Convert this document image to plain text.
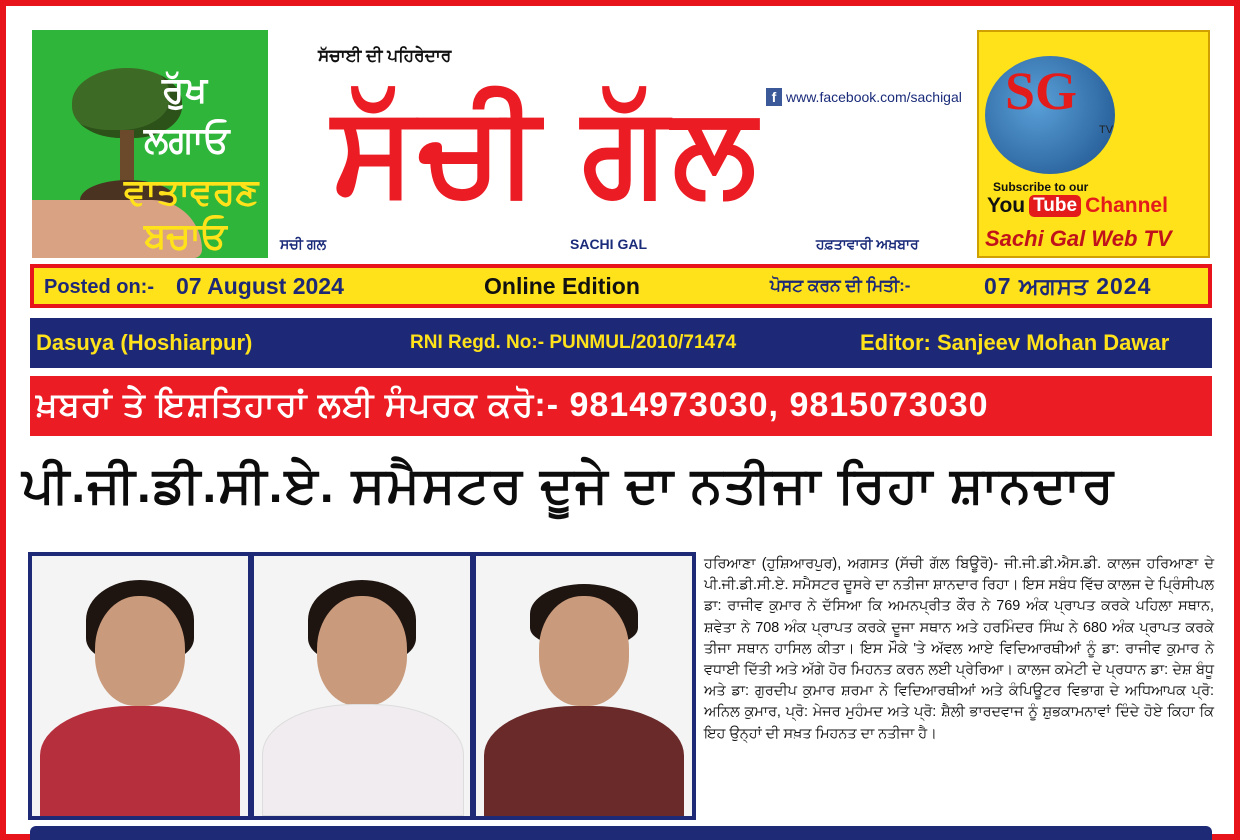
ਰੁੱਖ
ਲਗਾਓ
ਵਾਤਾਵਰਣ
ਬਚਾਓ
ਸੱਚਾਈ ਦੀ ਪਹਿਰੇਦਾਰ
ਸੱਚੀ ਗੱਲ f www.facebook.com/sachigal
ਸਚੀ ਗਲ	SACHI GAL	ਹਫ਼ਤਾਵਾਰੀ ਅਖ਼ਬਾਰ
SG
TV
Subscribe to our
You Tube Channel
Sachi Gal Web TV
Posted on:- 07 August 2024	Online Edition	ਪੋਸਟ ਕਰਨ ਦੀ ਮਿਤੀ:-	07 ਅਗਸਤ 2024
Dasuya (Hoshiarpur)	RNI Regd. No:- PUNMUL/2010/71474	Editor: Sanjeev Mohan Dawar
ਖ਼ਬਰਾਂ ਤੇ ਇਸ਼ਤਿਹਾਰਾਂ ਲਈ ਸੰਪਰਕ ਕਰੋ:- 9814973030, 9815073030
ਪੀ.ਜੀ.ਡੀ.ਸੀ.ਏ. ਸਮੈਸਟਰ ਦੂਜੇ ਦਾ ਨਤੀਜਾ ਰਿਹਾ ਸ਼ਾਨਦਾਰ
ਹਰਿਆਣਾ (ਹੁਸ਼ਿਆਰਪੁਰ), ਅਗਸਤ (ਸੱਚੀ ਗੱਲ ਬਿਊਰੋ)- ਜੀ.ਜੀ.ਡੀ.ਐਸ.ਡੀ. ਕਾਲਜ ਹਰਿਆਣਾ ਦੇ ਪੀ.ਜੀ.ਡੀ.ਸੀ.ਏ. ਸਮੈਸਟਰ ਦੂਸਰੇ ਦਾ ਨਤੀਜਾ ਸ਼ਾਨਦਾਰ ਰਿਹਾ। ਇਸ ਸਬੰਧ ਵਿੱਚ ਕਾਲਜ ਦੇ ਪ੍ਰਿੰਸੀਪਲ ਡਾ: ਰਾਜੀਵ ਕੁਮਾਰ ਨੇ ਦੱਸਿਆ ਕਿ ਅਮਨਪ੍ਰੀਤ ਕੌਰ ਨੇ 769 ਅੰਕ ਪ੍ਰਾਪਤ ਕਰਕੇ ਪਹਿਲਾ ਸਥਾਨ, ਸ਼ਵੇਤਾ ਨੇ 708 ਅੰਕ ਪ੍ਰਾਪਤ ਕਰਕੇ ਦੂਜਾ ਸਥਾਨ ਅਤੇ ਹਰਮਿੰਦਰ ਸਿੰਘ ਨੇ 680 ਅੰਕ ਪ੍ਰਾਪਤ ਕਰਕੇ ਤੀਜਾ ਸਥਾਨ ਹਾਸਿਲ ਕੀਤਾ। ਇਸ ਮੌਕੇ 'ਤੇ ਅੱਵਲ ਆਏ ਵਿਦਿਆਰਥੀਆਂ ਨੂੰ ਡਾ: ਰਾਜੀਵ ਕੁਮਾਰ ਨੇ ਵਧਾਈ ਦਿੱਤੀ ਅਤੇ ਅੱਗੇ ਹੋਰ ਮਿਹਨਤ ਕਰਨ ਲਈ ਪ੍ਰੇਰਿਆ। ਕਾਲਜ ਕਮੇਟੀ ਦੇ ਪ੍ਰਧਾਨ ਡਾ: ਦੇਸ਼ ਬੰਧੂ ਅਤੇ ਡਾ: ਗੁਰਦੀਪ ਕੁਮਾਰ ਸ਼ਰਮਾ ਨੇ ਵਿਦਿਆਰਥੀਆਂ ਅਤੇ ਕੰਪਿਊਟਰ ਵਿਭਾਗ ਦੇ ਅਧਿਆਪਕ ਪ੍ਰੋ: ਅਨਿਲ ਕੁਮਾਰ, ਪ੍ਰੋ: ਮੇਜਰ ਮੁਹੰਮਦ ਅਤੇ ਪ੍ਰੋ: ਸ਼ੈਲੀ ਭਾਰਦਵਾਜ ਨੂੰ ਸ਼ੁਭਕਾਮਨਾਵਾਂ ਦਿੰਦੇ ਹੋਏ ਕਿਹਾ ਕਿ ਇਹ ਉਨ੍ਹਾਂ ਦੀ ਸਖ਼ਤ ਮਿਹਨਤ ਦਾ ਨਤੀਜਾ ਹੈ।
